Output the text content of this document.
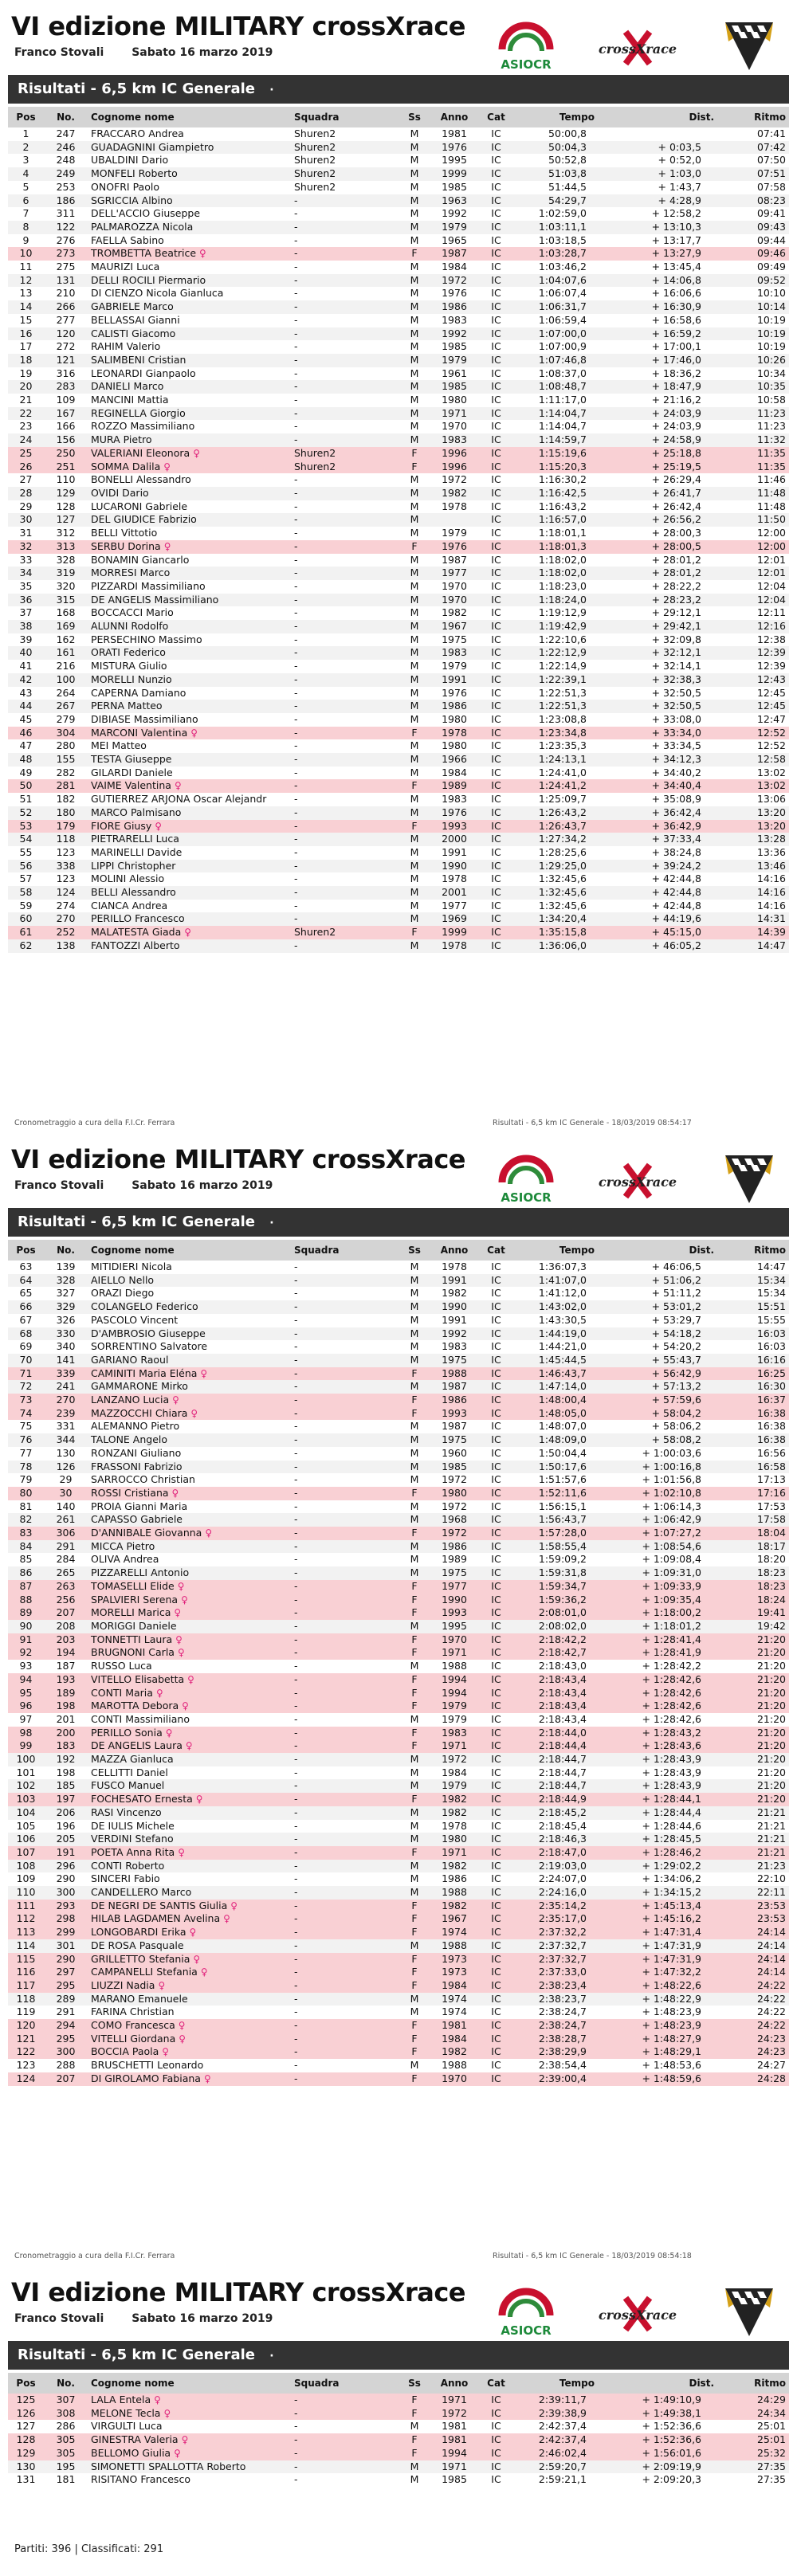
VI edizione MILITARY crossXrace
Franco Stovali Sabato 16 marzo 2019
ASIOCR
crossXrace
Risultati - 6,5 km IC Generale ·
Pos	No.	Cognome nome	Squadra	Ss	Anno	Cat	Tempo	Dist.	Ritmo
1	247	FRACCARO Andrea	Shuren2	M	1981	IC	50:00,8		07:41
2	246	GUADAGNINI Giampietro	Shuren2	M	1976	IC	50:04,3	+ 0:03,5	07:42
3	248	UBALDINI Dario	Shuren2	M	1995	IC	50:52,8	+ 0:52,0	07:50
4	249	MONFELI Roberto	Shuren2	M	1999	IC	51:03,8	+ 1:03,0	07:51
5	253	ONOFRI Paolo	Shuren2	M	1985	IC	51:44,5	+ 1:43,7	07:58
6	186	SGRICCIA Albino	-	M	1963	IC	54:29,7	+ 4:28,9	08:23
7	311	DELL'ACCIO Giuseppe	-	M	1992	IC	1:02:59,0	+ 12:58,2	09:41
8	122	PALMAROZZA Nicola	-	M	1979	IC	1:03:11,1	+ 13:10,3	09:43
9	276	FAELLA Sabino	-	M	1965	IC	1:03:18,5	+ 13:17,7	09:44
10	273	TROMBETTA Beatrice ♀	-	F	1987	IC	1:03:28,7	+ 13:27,9	09:46
11	275	MAURIZI Luca	-	M	1984	IC	1:03:46,2	+ 13:45,4	09:49
12	131	DELLI ROCILI Piermario	-	M	1972	IC	1:04:07,6	+ 14:06,8	09:52
13	210	DI CIENZO Nicola Gianluca	-	M	1976	IC	1:06:07,4	+ 16:06,6	10:10
14	266	GABRIELE Marco	-	M	1986	IC	1:06:31,7	+ 16:30,9	10:14
15	277	BELLASSAI Gianni	-	M	1983	IC	1:06:59,4	+ 16:58,6	10:19
16	120	CALISTI Giacomo	-	M	1992	IC	1:07:00,0	+ 16:59,2	10:19
17	272	RAHIM Valerio	-	M	1985	IC	1:07:00,9	+ 17:00,1	10:19
18	121	SALIMBENI Cristian	-	M	1979	IC	1:07:46,8	+ 17:46,0	10:26
19	316	LEONARDI Gianpaolo	-	M	1961	IC	1:08:37,0	+ 18:36,2	10:34
20	283	DANIELI Marco	-	M	1985	IC	1:08:48,7	+ 18:47,9	10:35
21	109	MANCINI Mattia	-	M	1980	IC	1:11:17,0	+ 21:16,2	10:58
22	167	REGINELLA Giorgio	-	M	1971	IC	1:14:04,7	+ 24:03,9	11:23
23	166	ROZZO Massimiliano	-	M	1970	IC	1:14:04,7	+ 24:03,9	11:23
24	156	MURA Pietro	-	M	1983	IC	1:14:59,7	+ 24:58,9	11:32
25	250	VALERIANI Eleonora ♀	Shuren2	F	1996	IC	1:15:19,6	+ 25:18,8	11:35
26	251	SOMMA Dalila ♀	Shuren2	F	1996	IC	1:15:20,3	+ 25:19,5	11:35
27	110	BONELLI Alessandro	-	M	1972	IC	1:16:30,2	+ 26:29,4	11:46
28	129	OVIDI Dario	-	M	1982	IC	1:16:42,5	+ 26:41,7	11:48
29	128	LUCARONI Gabriele	-	M	1978	IC	1:16:43,2	+ 26:42,4	11:48
30	127	DEL GIUDICE Fabrizio	-	M		IC	1:16:57,0	+ 26:56,2	11:50
31	312	BELLI Vittotio	-	M	1979	IC	1:18:01,1	+ 28:00,3	12:00
32	313	SERBU Dorina ♀	-	F	1976	IC	1:18:01,3	+ 28:00,5	12:00
33	328	BONAMIN Giancarlo	-	M	1987	IC	1:18:02,0	+ 28:01,2	12:01
34	319	MORRESI Marco	-	M	1977	IC	1:18:02,0	+ 28:01,2	12:01
35	320	PIZZARDI Massimiliano	-	M	1970	IC	1:18:23,0	+ 28:22,2	12:04
36	315	DE ANGELIS Massimiliano	-	M	1970	IC	1:18:24,0	+ 28:23,2	12:04
37	168	BOCCACCI Mario	-	M	1982	IC	1:19:12,9	+ 29:12,1	12:11
38	169	ALUNNI Rodolfo	-	M	1967	IC	1:19:42,9	+ 29:42,1	12:16
39	162	PERSECHINO Massimo	-	M	1975	IC	1:22:10,6	+ 32:09,8	12:38
40	161	ORATI Federico	-	M	1983	IC	1:22:12,9	+ 32:12,1	12:39
41	216	MISTURA Giulio	-	M	1979	IC	1:22:14,9	+ 32:14,1	12:39
42	100	MORELLI Nunzio	-	M	1991	IC	1:22:39,1	+ 32:38,3	12:43
43	264	CAPERNA Damiano	-	M	1976	IC	1:22:51,3	+ 32:50,5	12:45
44	267	PERNA Matteo	-	M	1986	IC	1:22:51,3	+ 32:50,5	12:45
45	279	DIBIASE Massimiliano	-	M	1980	IC	1:23:08,8	+ 33:08,0	12:47
46	304	MARCONI Valentina ♀	-	F	1978	IC	1:23:34,8	+ 33:34,0	12:52
47	280	MEI Matteo	-	M	1980	IC	1:23:35,3	+ 33:34,5	12:52
48	155	TESTA Giuseppe	-	M	1966	IC	1:24:13,1	+ 34:12,3	12:58
49	282	GILARDI Daniele	-	M	1984	IC	1:24:41,0	+ 34:40,2	13:02
50	281	VAIME Valentina ♀	-	F	1989	IC	1:24:41,2	+ 34:40,4	13:02
51	182	GUTIERREZ ARJONA Oscar Alejandr	-	M	1983	IC	1:25:09,7	+ 35:08,9	13:06
52	180	MARCO Palmisano	-	M	1976	IC	1:26:43,2	+ 36:42,4	13:20
53	179	FIORE Giusy ♀	-	F	1993	IC	1:26:43,7	+ 36:42,9	13:20
54	118	PIETRARELLI Luca	-	M	2000	IC	1:27:34,2	+ 37:33,4	13:28
55	123	MARINELLI Davide	-	M	1991	IC	1:28:25,6	+ 38:24,8	13:36
56	338	LIPPI Christopher	-	M	1990	IC	1:29:25,0	+ 39:24,2	13:46
57	123	MOLINI Alessio	-	M	1978	IC	1:32:45,6	+ 42:44,8	14:16
58	124	BELLI Alessandro	-	M	2001	IC	1:32:45,6	+ 42:44,8	14:16
59	274	CIANCA Andrea	-	M	1977	IC	1:32:45,6	+ 42:44,8	14:16
60	270	PERILLO Francesco	-	M	1969	IC	1:34:20,4	+ 44:19,6	14:31
61	252	MALATESTA Giada ♀	Shuren2	F	1999	IC	1:35:15,8	+ 45:15,0	14:39
62	138	FANTOZZI Alberto	-	M	1978	IC	1:36:06,0	+ 46:05,2	14:47
Cronometraggio a cura della F.I.Cr. Ferrara	Risultati - 6,5 km IC Generale - 18/03/2019 08:54:17
VI edizione MILITARY crossXrace
Franco Stovali Sabato 16 marzo 2019
ASIOCR
crossXrace
Risultati - 6,5 km IC Generale ·
Pos	No.	Cognome nome	Squadra	Ss	Anno	Cat	Tempo	Dist.	Ritmo
63	139	MITIDIERI Nicola	-	M	1978	IC	1:36:07,3	+ 46:06,5	14:47
64	328	AIELLO Nello	-	M	1991	IC	1:41:07,0	+ 51:06,2	15:34
65	327	ORAZI Diego	-	M	1982	IC	1:41:12,0	+ 51:11,2	15:34
66	329	COLANGELO Federico	-	M	1990	IC	1:43:02,0	+ 53:01,2	15:51
67	326	PASCOLO Vincent	-	M	1991	IC	1:43:30,5	+ 53:29,7	15:55
68	330	D'AMBROSIO Giuseppe	-	M	1992	IC	1:44:19,0	+ 54:18,2	16:03
69	340	SORRENTINO Salvatore	-	M	1983	IC	1:44:21,0	+ 54:20,2	16:03
70	141	GARIANO Raoul	-	M	1975	IC	1:45:44,5	+ 55:43,7	16:16
71	339	CAMINITI Maria Eléna ♀	-	F	1988	IC	1:46:43,7	+ 56:42,9	16:25
72	241	GAMMARONE Mirko	-	M	1987	IC	1:47:14,0	+ 57:13,2	16:30
73	270	LANZANO Lucia ♀	-	F	1986	IC	1:48:00,4	+ 57:59,6	16:37
74	239	MAZZOCCHI Chiara ♀	-	F	1993	IC	1:48:05,0	+ 58:04,2	16:38
75	331	ALEMANNO Pietro	-	M	1987	IC	1:48:07,0	+ 58:06,2	16:38
76	344	TALONE Angelo	-	M	1975	IC	1:48:09,0	+ 58:08,2	16:38
77	130	RONZANI Giuliano	-	M	1960	IC	1:50:04,4	+ 1:00:03,6	16:56
78	126	FRASSONI Fabrizio	-	M	1985	IC	1:50:17,6	+ 1:00:16,8	16:58
79	29	SARROCCO Christian	-	M	1972	IC	1:51:57,6	+ 1:01:56,8	17:13
80	30	ROSSI Cristiana ♀	-	F	1980	IC	1:52:11,6	+ 1:02:10,8	17:16
81	140	PROIA Gianni Maria	-	M	1972	IC	1:56:15,1	+ 1:06:14,3	17:53
82	261	CAPASSO Gabriele	-	M	1968	IC	1:56:43,7	+ 1:06:42,9	17:58
83	306	D'ANNIBALE Giovanna ♀	-	F	1972	IC	1:57:28,0	+ 1:07:27,2	18:04
84	291	MICCA Pietro	-	M	1986	IC	1:58:55,4	+ 1:08:54,6	18:17
85	284	OLIVA Andrea	-	M	1989	IC	1:59:09,2	+ 1:09:08,4	18:20
86	265	PIZZARELLI Antonio	-	M	1975	IC	1:59:31,8	+ 1:09:31,0	18:23
87	263	TOMASELLI Elide ♀	-	F	1977	IC	1:59:34,7	+ 1:09:33,9	18:23
88	256	SPALVIERI Serena ♀	-	F	1990	IC	1:59:36,2	+ 1:09:35,4	18:24
89	207	MORELLI Marica ♀	-	F	1993	IC	2:08:01,0	+ 1:18:00,2	19:41
90	208	MORIGGI Daniele	-	M	1995	IC	2:08:02,0	+ 1:18:01,2	19:42
91	203	TONNETTI Laura ♀	-	F	1970	IC	2:18:42,2	+ 1:28:41,4	21:20
92	194	BRUGNONI Carla ♀	-	F	1971	IC	2:18:42,7	+ 1:28:41,9	21:20
93	187	RUSSO Luca	-	M	1988	IC	2:18:43,0	+ 1:28:42,2	21:20
94	193	VITELLO Elisabetta ♀	-	F	1994	IC	2:18:43,4	+ 1:28:42,6	21:20
95	189	CONTI Maria ♀	-	F	1994	IC	2:18:43,4	+ 1:28:42,6	21:20
96	198	MAROTTA Debora ♀	-	F	1979	IC	2:18:43,4	+ 1:28:42,6	21:20
97	201	CONTI Massimiliano	-	M	1979	IC	2:18:43,4	+ 1:28:42,6	21:20
98	200	PERILLO Sonia ♀	-	F	1983	IC	2:18:44,0	+ 1:28:43,2	21:20
99	183	DE ANGELIS Laura ♀	-	F	1971	IC	2:18:44,4	+ 1:28:43,6	21:20
100	192	MAZZA Gianluca	-	M	1972	IC	2:18:44,7	+ 1:28:43,9	21:20
101	198	CELLITTI Daniel	-	M	1984	IC	2:18:44,7	+ 1:28:43,9	21:20
102	185	FUSCO Manuel	-	M	1979	IC	2:18:44,7	+ 1:28:43,9	21:20
103	197	FOCHESATO Ernesta ♀	-	F	1982	IC	2:18:44,9	+ 1:28:44,1	21:20
104	206	RASI Vincenzo	-	M	1982	IC	2:18:45,2	+ 1:28:44,4	21:21
105	196	DE IULIS Michele	-	M	1978	IC	2:18:45,4	+ 1:28:44,6	21:21
106	205	VERDINI Stefano	-	M	1980	IC	2:18:46,3	+ 1:28:45,5	21:21
107	191	POETA Anna Rita ♀	-	F	1971	IC	2:18:47,0	+ 1:28:46,2	21:21
108	296	CONTI Roberto	-	M	1982	IC	2:19:03,0	+ 1:29:02,2	21:23
109	290	SINCERI Fabio	-	M	1986	IC	2:24:07,0	+ 1:34:06,2	22:10
110	300	CANDELLERO Marco	-	M	1988	IC	2:24:16,0	+ 1:34:15,2	22:11
111	293	DE NEGRI DE SANTIS Giulia ♀	-	F	1982	IC	2:35:14,2	+ 1:45:13,4	23:53
112	298	HILAB LAGDAMEN Avelina ♀	-	F	1967	IC	2:35:17,0	+ 1:45:16,2	23:53
113	299	LONGOBARDI Erika ♀	-	F	1974	IC	2:37:32,2	+ 1:47:31,4	24:14
114	301	DE ROSA Pasquale	-	M	1988	IC	2:37:32,7	+ 1:47:31,9	24:14
115	290	GRILLETTO Stefania ♀	-	F	1973	IC	2:37:32,7	+ 1:47:31,9	24:14
116	297	CAMPANELLI Stefania ♀	-	F	1973	IC	2:37:33,0	+ 1:47:32,2	24:14
117	295	LIUZZI Nadia ♀	-	F	1984	IC	2:38:23,4	+ 1:48:22,6	24:22
118	289	MARANO Emanuele	-	M	1974	IC	2:38:23,7	+ 1:48:22,9	24:22
119	291	FARINA Christian	-	M	1974	IC	2:38:24,7	+ 1:48:23,9	24:22
120	294	COMO Francesca ♀	-	F	1981	IC	2:38:24,7	+ 1:48:23,9	24:22
121	295	VITELLI Giordana ♀	-	F	1984	IC	2:38:28,7	+ 1:48:27,9	24:23
122	300	BOCCIA Paola ♀	-	F	1982	IC	2:38:29,9	+ 1:48:29,1	24:23
123	288	BRUSCHETTI Leonardo	-	M	1988	IC	2:38:54,4	+ 1:48:53,6	24:27
124	207	DI GIROLAMO Fabiana ♀	-	F	1970	IC	2:39:00,4	+ 1:48:59,6	24:28
Cronometraggio a cura della F.I.Cr. Ferrara	Risultati - 6,5 km IC Generale - 18/03/2019 08:54:18
VI edizione MILITARY crossXrace
Franco Stovali Sabato 16 marzo 2019
ASIOCR
crossXrace
Risultati - 6,5 km IC Generale ·
Pos	No.	Cognome nome	Squadra	Ss	Anno	Cat	Tempo	Dist.	Ritmo
125	307	LALA Entela ♀	-	F	1971	IC	2:39:11,7	+ 1:49:10,9	24:29
126	308	MELONE Tecla ♀	-	F	1972	IC	2:39:38,9	+ 1:49:38,1	24:34
127	286	VIRGULTI Luca	-	M	1981	IC	2:42:37,4	+ 1:52:36,6	25:01
128	305	GINESTRA Valeria ♀	-	F	1981	IC	2:42:37,4	+ 1:52:36,6	25:01
129	305	BELLOMO Giulia ♀	-	F	1994	IC	2:46:02,4	+ 1:56:01,6	25:32
130	195	SIMONETTI SPALLOTTA Roberto	-	M	1971	IC	2:59:20,7	+ 2:09:19,9	27:35
131	181	RISITANO Francesco	-	M	1985	IC	2:59:21,1	+ 2:09:20,3	27:35
Partiti: 396 | Classificati: 291
